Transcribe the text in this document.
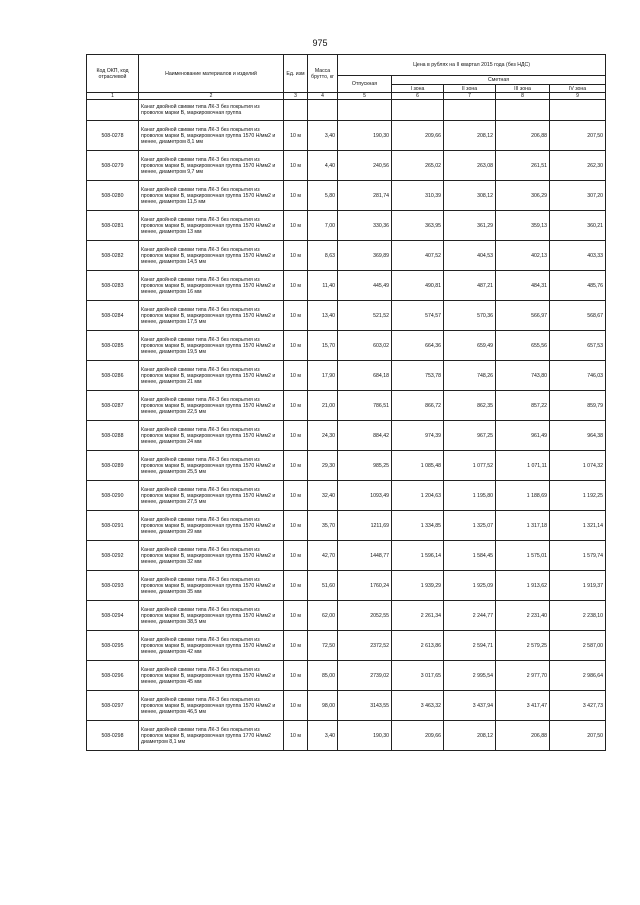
975
Код ОКП, код отраслевой	Наименование материалов и изделий	Ед. изм	Масса брутто, кг	Цена в рублях на II квартал 2015 года (без НДС)				
				Отпускная	Сметная			
					I зона	II зона	III зона	IV зона
1	2	3	4	5	6	7	8	9
	Канат двойной свивки типа ЛК-З без покрытия из проволок марки В, маркировочная группа							
508-0278	Канат двойной свивки типа ЛК-З без покрытия из проволок марки В, маркировочная группа 1570 Н/мм2 и менее, диаметром 8,1 мм	10 м	3,40	190,30	209,66	208,12	206,88	207,50
508-0279	Канат двойной свивки типа ЛК-З без покрытия из проволок марки В, маркировочная группа 1570 Н/мм2 и менее, диаметром 9,7 мм	10 м	4,40	240,56	265,02	263,08	261,51	262,30
508-0280	Канат двойной свивки типа ЛК-З без покрытия из проволок марки В, маркировочная группа 1570 Н/мм2 и менее, диаметром 11,5 мм	10 м	5,80	281,74	310,39	308,12	306,29	307,20
508-0281	Канат двойной свивки типа ЛК-З без покрытия из проволок марки В, маркировочная группа 1570 Н/мм2 и менее, диаметром 13 мм	10 м	7,00	330,36	363,95	361,29	359,13	360,21
508-0282	Канат двойной свивки типа ЛК-З без покрытия из проволок марки В, маркировочная группа 1570 Н/мм2 и менее, диаметром 14,5 мм	10 м	8,63	369,89	407,52	404,53	402,13	403,33
508-0283	Канат двойной свивки типа ЛК-З без покрытия из проволок марки В, маркировочная группа 1570 Н/мм2 и менее, диаметром 16 мм	10 м	11,40	445,49	490,81	487,21	484,31	485,76
508-0284	Канат двойной свивки типа ЛК-З без покрытия из проволок марки В, маркировочная группа 1570 Н/мм2 и менее, диаметром 17,5 мм	10 м	13,40	521,52	574,57	570,36	566,97	568,67
508-0285	Канат двойной свивки типа ЛК-З без покрытия из проволок марки В, маркировочная группа 1570 Н/мм2 и менее, диаметром 19,5 мм	10 м	15,70	603,02	664,36	659,49	655,56	657,53
508-0286	Канат двойной свивки типа ЛК-З без покрытия из проволок марки В, маркировочная группа 1570 Н/мм2 и менее, диаметром 21 мм	10 м	17,90	684,18	753,78	748,26	743,80	746,03
508-0287	Канат двойной свивки типа ЛК-З без покрытия из проволок марки В, маркировочная группа 1570 Н/мм2 и менее, диаметром 22,5 мм	10 м	21,00	786,51	866,72	862,35	857,22	859,79
508-0288	Канат двойной свивки типа ЛК-З без покрытия из проволок марки В, маркировочная группа 1570 Н/мм2 и менее, диаметром 24 мм	10 м	24,30	884,42	974,39	967,25	961,49	964,38
508-0289	Канат двойной свивки типа ЛК-З без покрытия из проволок марки В, маркировочная группа 1570 Н/мм2 и менее, диаметром 25,5 мм	10 м	29,30	985,25	1 085,48	1 077,52	1 071,11	1 074,32
508-0290	Канат двойной свивки типа ЛК-З без покрытия из проволок марки В, маркировочная группа 1570 Н/мм2 и менее, диаметром 27,5 мм	10 м	32,40	1093,49	1 204,63	1 195,80	1 188,69	1 192,25
508-0291	Канат двойной свивки типа ЛК-З без покрытия из проволок марки В, маркировочная группа 1570 Н/мм2 и менее, диаметром 29 мм	10 м	35,70	1211,69	1 334,85	1 325,07	1 317,18	1 321,14
508-0292	Канат двойной свивки типа ЛК-З без покрытия из проволок марки В, маркировочная группа 1570 Н/мм2 и менее, диаметром 32 мм	10 м	42,70	1448,77	1 596,14	1 584,45	1 575,01	1 579,74
508-0293	Канат двойной свивки типа ЛК-З без покрытия из проволок марки В, маркировочная группа 1570 Н/мм2 и менее, диаметром 35 мм	10 м	51,60	1760,24	1 939,29	1 925,09	1 913,62	1 919,37
508-0294	Канат двойной свивки типа ЛК-З без покрытия из проволок марки В, маркировочная группа 1570 Н/мм2 и менее, диаметром 38,5 мм	10 м	62,00	2052,55	2 261,34	2 244,77	2 231,40	2 238,10
508-0295	Канат двойной свивки типа ЛК-З без покрытия из проволок марки В, маркировочная группа 1570 Н/мм2 и менее, диаметром 42 мм	10 м	72,50	2372,52	2 613,86	2 594,71	2 579,25	2 587,00
508-0296	Канат двойной свивки типа ЛК-З без покрытия из проволок марки В, маркировочная группа 1570 Н/мм2 и менее, диаметром 45 мм	10 м	85,00	2739,02	3 017,65	2 995,54	2 977,70	2 986,64
508-0297	Канат двойной свивки типа ЛК-З без покрытия из проволок марки В, маркировочная группа 1570 Н/мм2 и менее, диаметром 46,5 мм	10 м	98,00	3143,55	3 463,32	3 437,94	3 417,47	3 427,73
508-0298	Канат двойной свивки типа ЛК-З без покрытия из проволок марки В, маркировочная группа 1770 Н/мм2 диаметром 8,1 мм	10 м	3,40	190,30	209,66	208,12	206,88	207,50
